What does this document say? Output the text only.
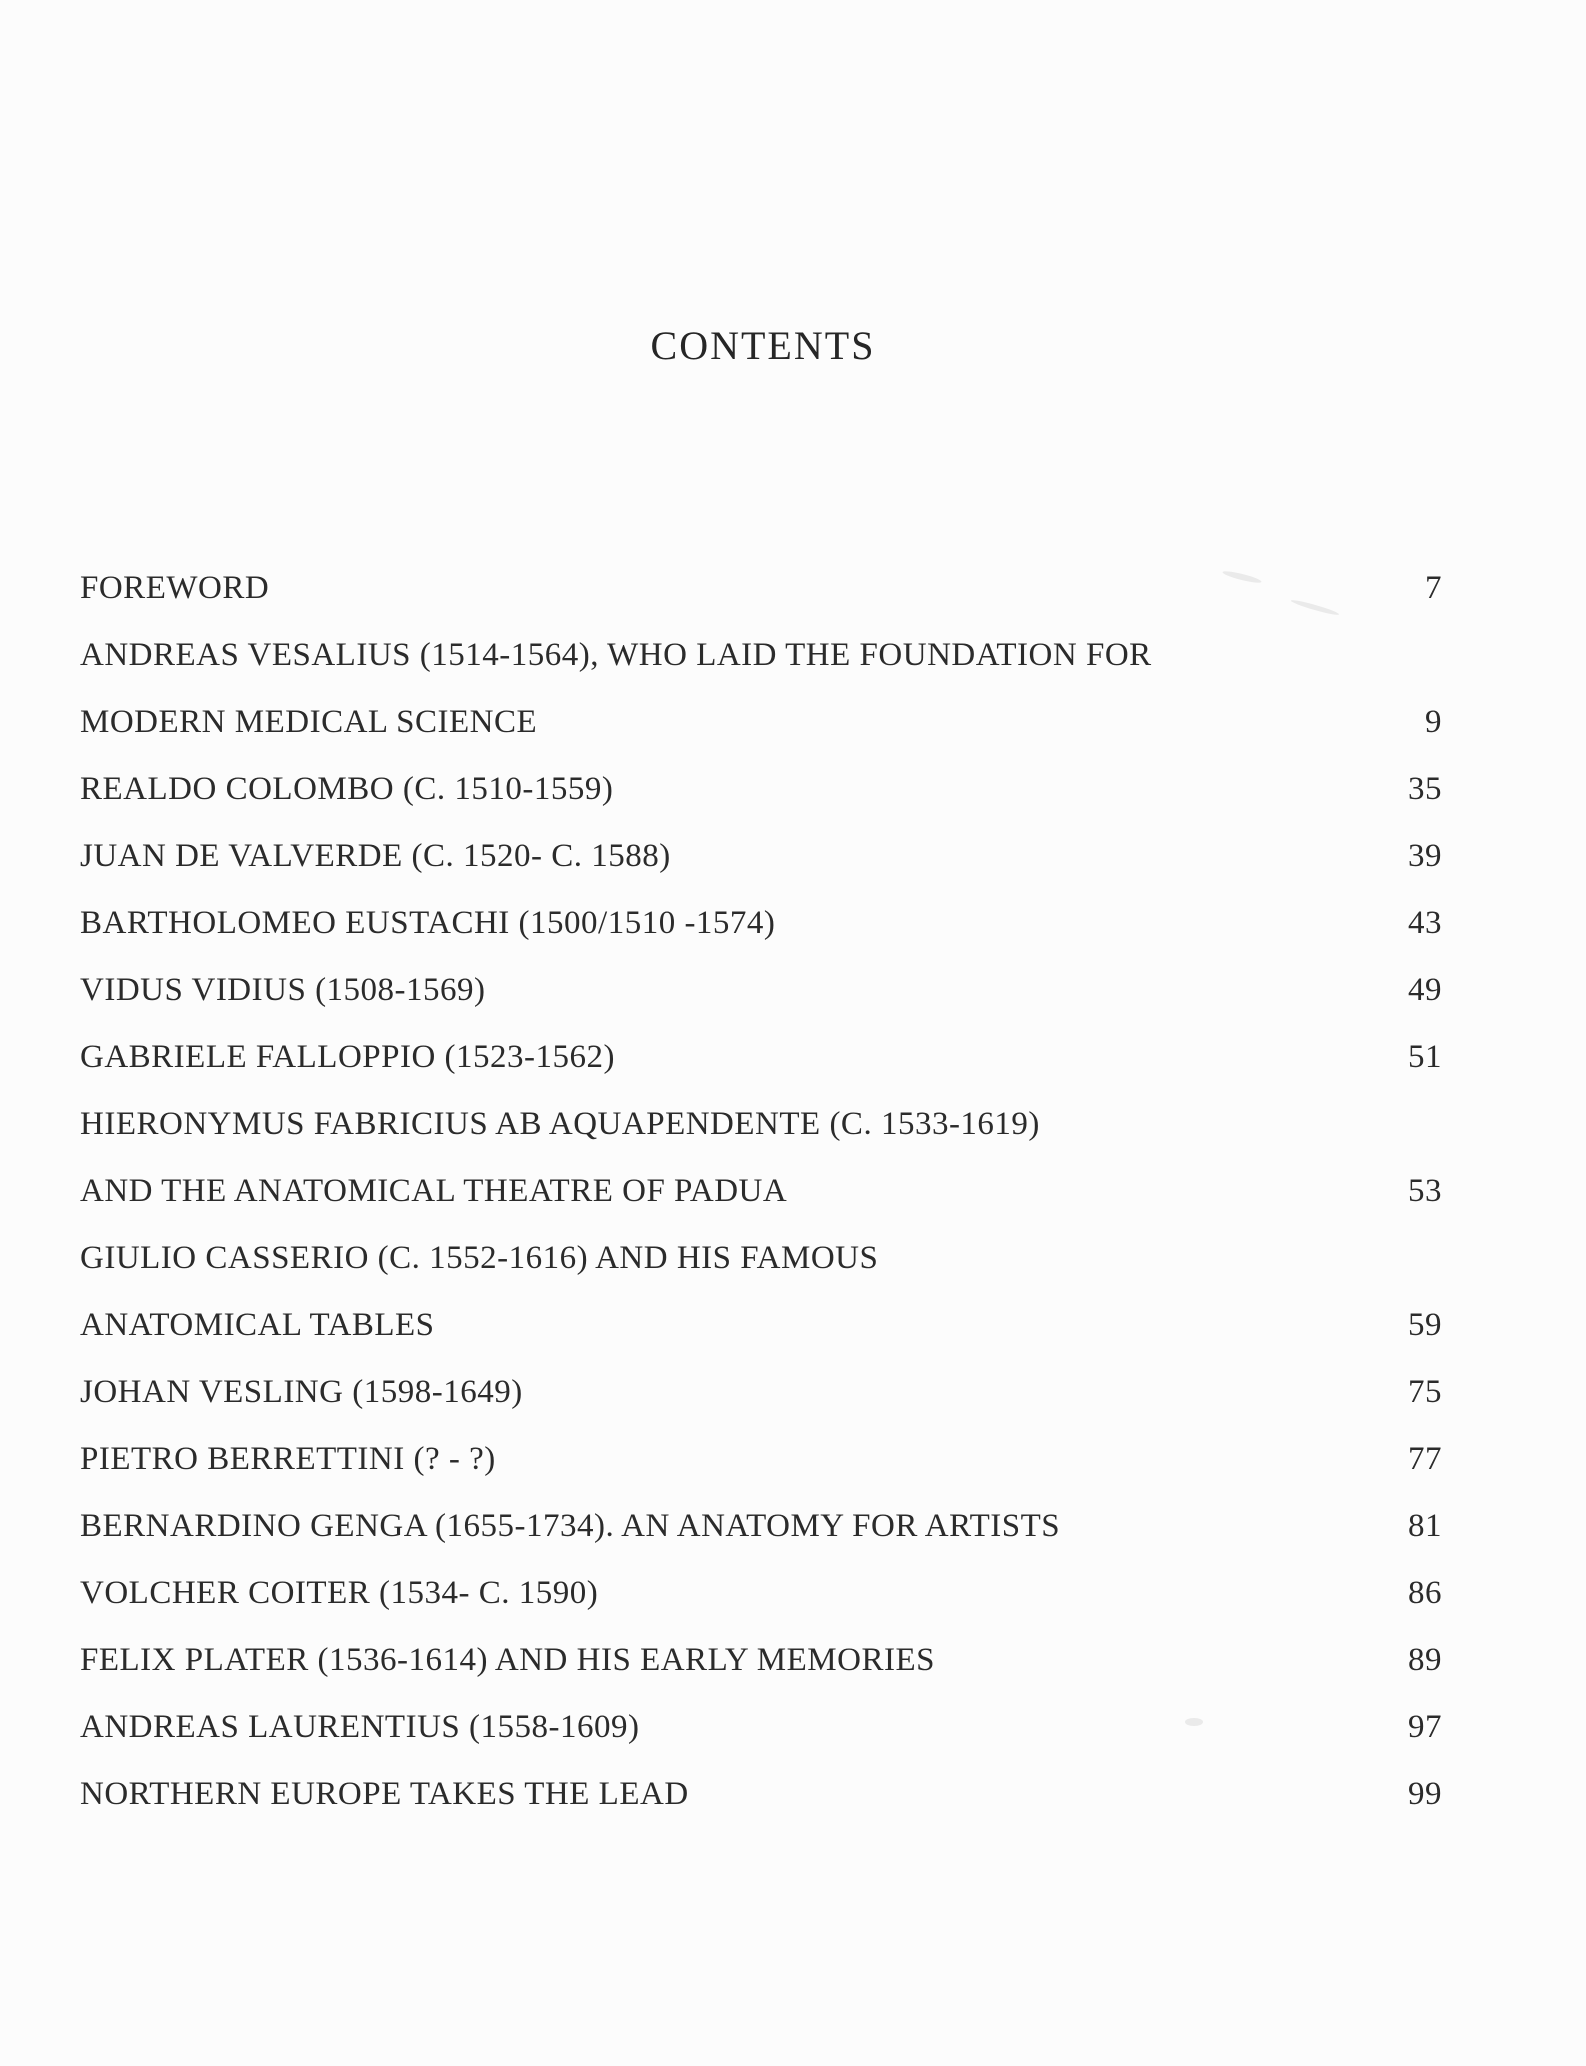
CONTENTS
FOREWORD	7
ANDREAS VESALIUS (1514-1564), WHO LAID THE FOUNDATION FOR
MODERN MEDICAL SCIENCE	9
REALDO COLOMBO (C. 1510-1559)	35
JUAN DE VALVERDE (C. 1520- C. 1588)	39
BARTHOLOMEO EUSTACHI (1500/1510 -1574)	43
VIDUS VIDIUS (1508-1569)	49
GABRIELE FALLOPPIO (1523-1562)	51
HIERONYMUS FABRICIUS AB AQUAPENDENTE (C. 1533-1619)
AND THE ANATOMICAL THEATRE OF PADUA	53
GIULIO CASSERIO (C. 1552-1616) AND HIS FAMOUS
ANATOMICAL TABLES	59
JOHAN VESLING (1598-1649)	75
PIETRO BERRETTINI (? - ?)	77
BERNARDINO GENGA (1655-1734). AN ANATOMY FOR ARTISTS	81
VOLCHER COITER (1534- C. 1590)	86
FELIX PLATER (1536-1614) AND HIS EARLY MEMORIES	89
ANDREAS LAURENTIUS (1558-1609)	97
NORTHERN EUROPE TAKES THE LEAD	99
